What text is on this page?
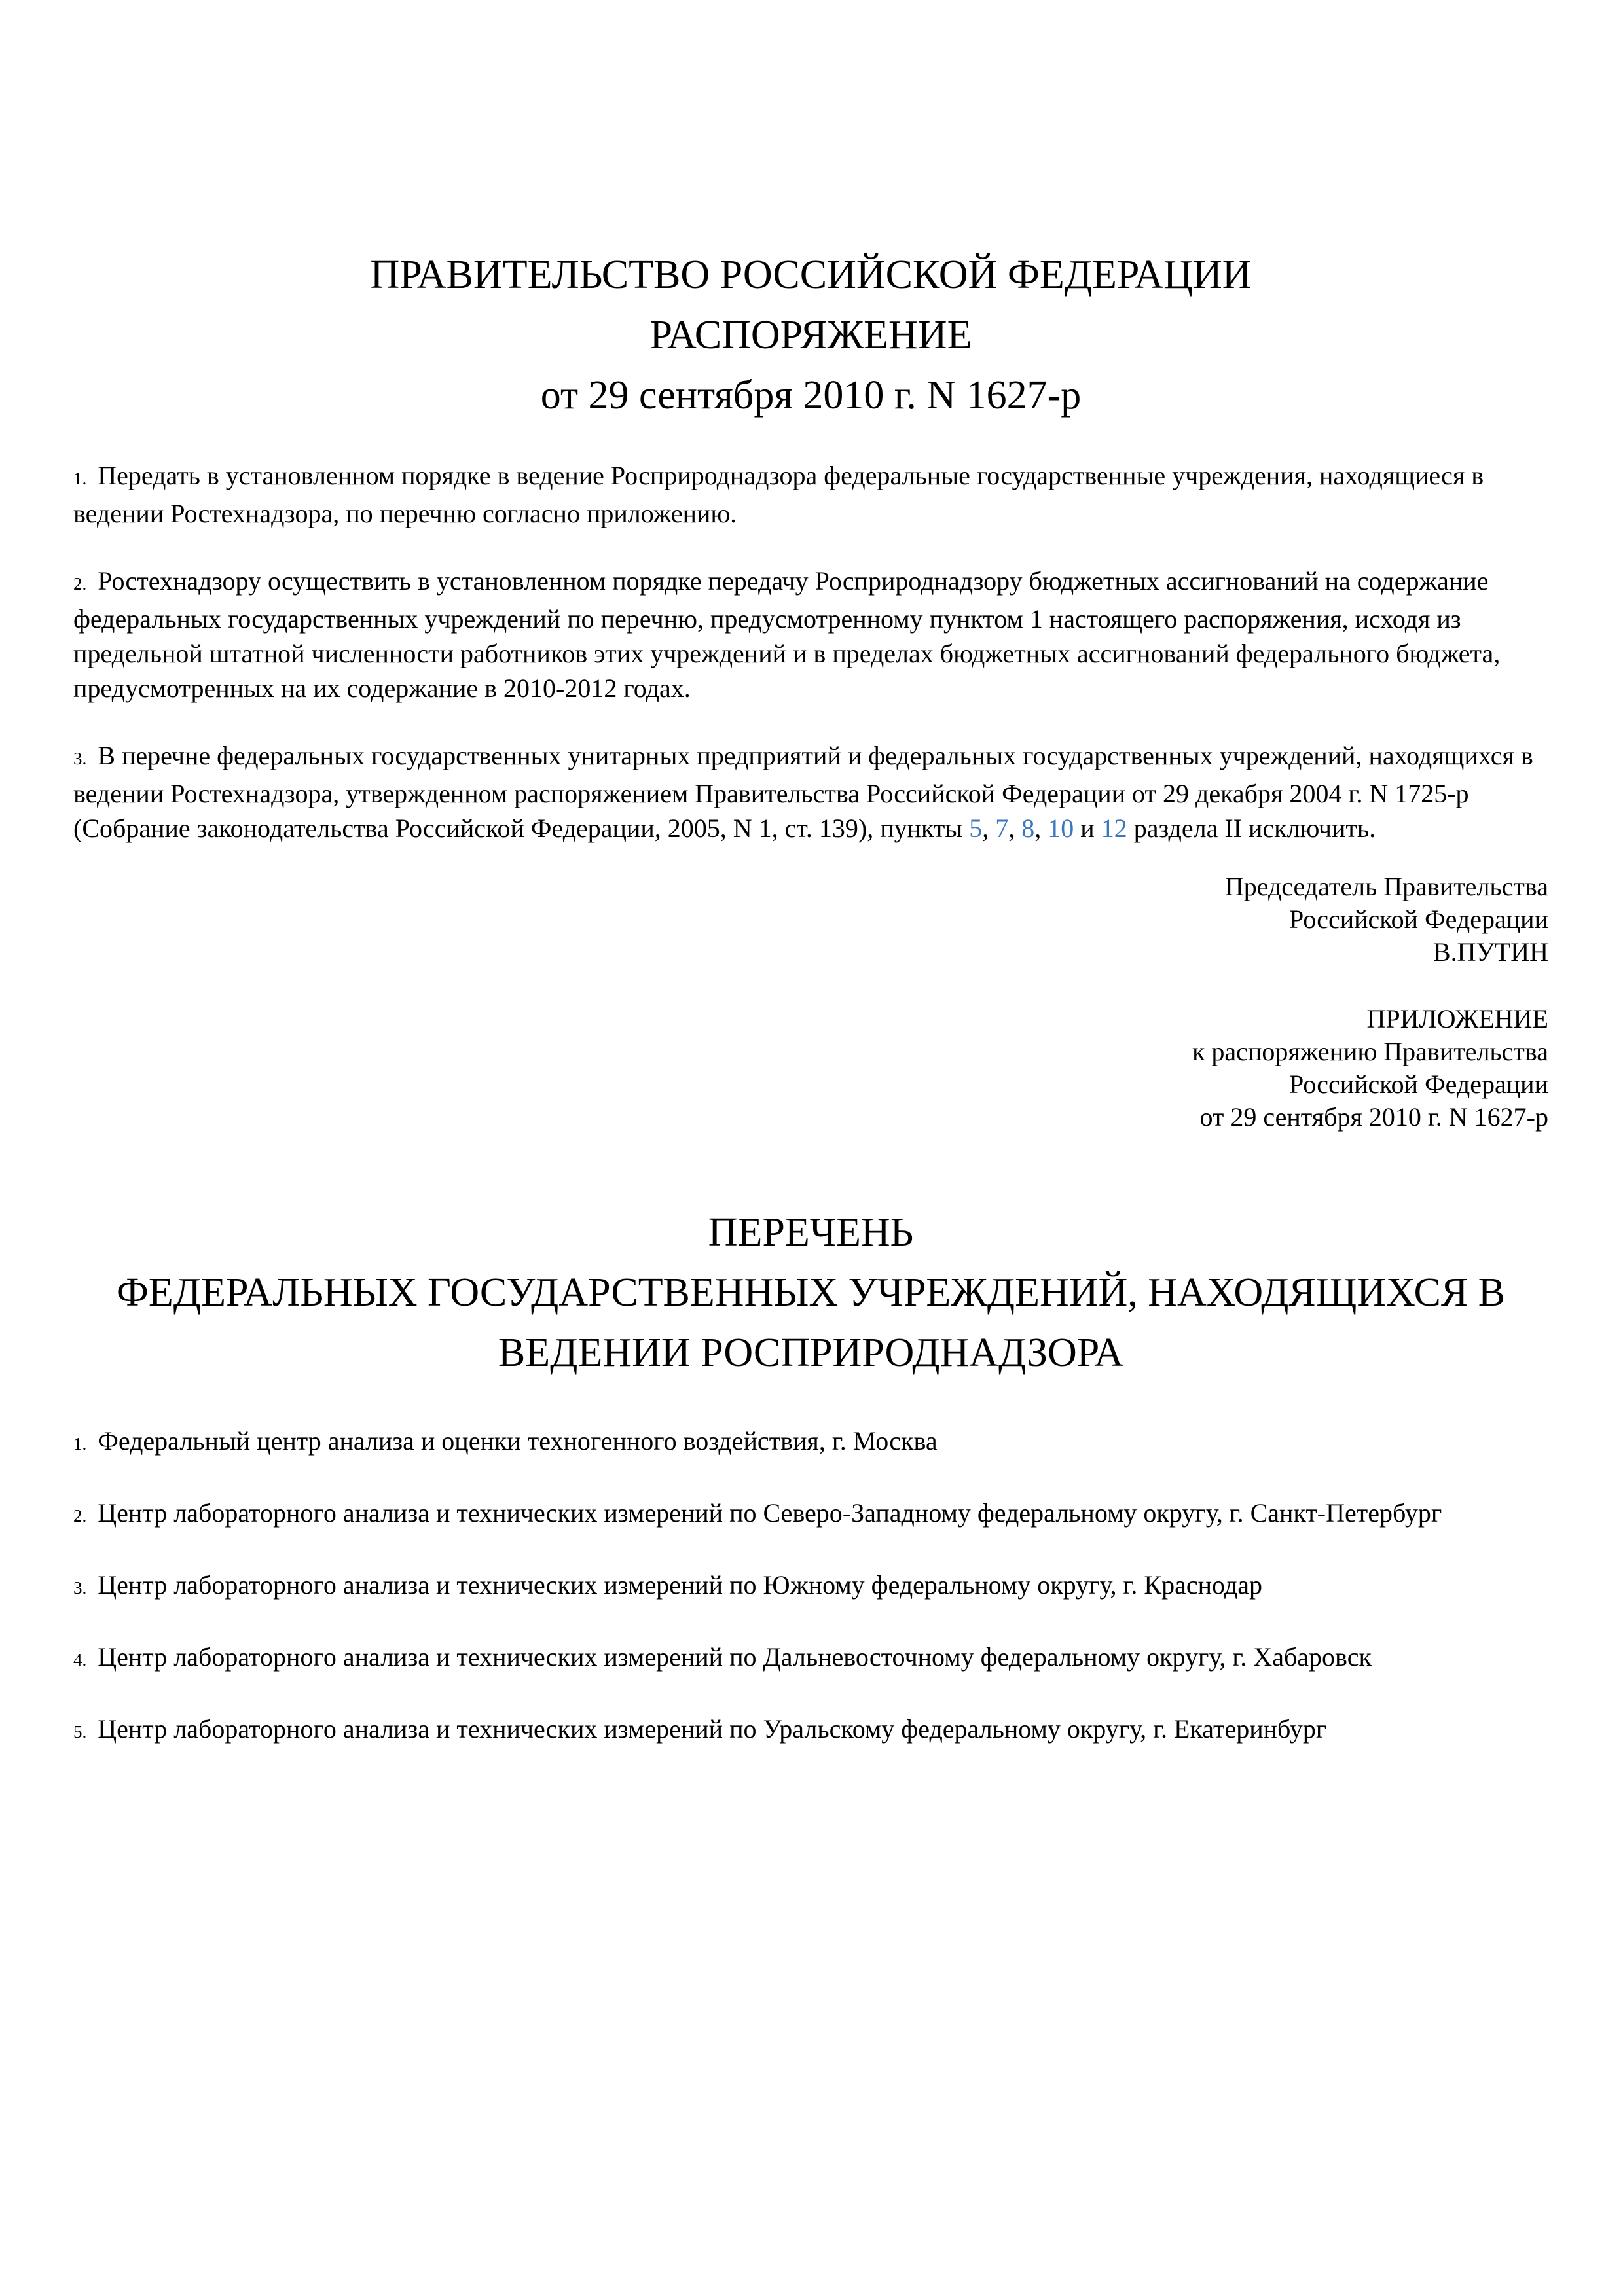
ПРАВИТЕЛЬСТВО РОССИЙСКОЙ ФЕДЕРАЦИИ
РАСПОРЯЖЕНИЕ
от 29 сентября 2010 г. N 1627-р

1. Передать в установленном порядке в ведение Росприроднадзора федеральные государственные учреждения, находящиеся в ведении Ростехнадзора, по перечню согласно приложению.

2. Ростехнадзору осуществить в установленном порядке передачу Росприроднадзору бюджетных ассигнований на содержание федеральных государственных учреждений по перечню, предусмотренному пунктом 1 настоящего распоряжения, исходя из предельной штатной численности работников этих учреждений и в пределах бюджетных ассигнований федерального бюджета, предусмотренных на их содержание в 2010-2012 годах.

3. В перечне федеральных государственных унитарных предприятий и федеральных государственных учреждений, находящихся в ведении Ростехнадзора, утвержденном распоряжением Правительства Российской Федерации от 29 декабря 2004 г. N 1725-р (Собрание законодательства Российской Федерации, 2005, N 1, ст. 139), пункты 5, 7, 8, 10 и 12 раздела II исключить.

Председатель Правительства
Российской Федерации
В.ПУТИН
ПРИЛОЖЕНИЕ
к распоряжению Правительства
Российской Федерации
от 29 сентября 2010 г. N 1627-р
ПЕРЕЧЕНЬ
ФЕДЕРАЛЬНЫХ ГОСУДАРСТВЕННЫХ УЧРЕЖДЕНИЙ, НАХОДЯЩИХСЯ В ВЕДЕНИИ РОСПРИРОДНАДЗОРА

1. Федеральный центр анализа и оценки техногенного воздействия, г. Москва

2. Центр лабораторного анализа и технических измерений по Северо-Западному федеральному округу, г. Санкт-Петербург

3. Центр лабораторного анализа и технических измерений по Южному федеральному округу, г. Краснодар

4. Центр лабораторного анализа и технических измерений по Дальневосточному федеральному округу, г. Хабаровск

5. Центр лабораторного анализа и технических измерений по Уральскому федеральному округу, г. Екатеринбург
